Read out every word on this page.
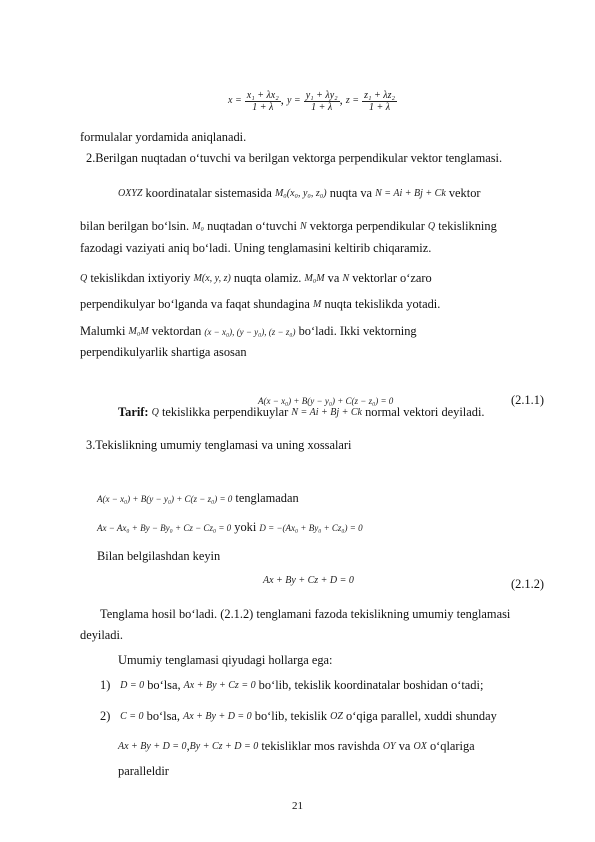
$x = \frac{\text{x₁ + λx₂}}{1 + \lambda}$ , $y = \frac{\text{y₁ + λy₂}}{1 + \lambda}$ , $z = \frac{\text{z₁ + λz₂}}{1 + \lambda}$
formulalar yordamida aniqlanadi.
2.Berilgan nuqtadan o‘tuvchi va berilgan vektorga perpendikular vektor tenglamasi.
OXYZ koordinatalar sistemasida M₀(x₀, y₀, z₀) nuqta va N = Ai + Bj + Ck vektor
bilan berilgan bo‘lsin. M₀ nuqtadan o‘tuvchi N vektorga perpendikular Q tekislikning
fazodagi vaziyati aniq bo‘ladi. Uning tenglamasini keltirib chiqaramiz.
Q tekislikdan ixtiyoriy M(x, y, z) nuqta olamiz. M₀M va N vektorlar o‘zaro
perpendikulyar bo‘lganda va faqat shundagina M nuqta tekislikda yotadi.
Malumki M₀M vektordan (x − x₀), (y − y₀), (z − z₀) bo‘ladi. Ikki vektorning
perpendikulyarlik shartiga asosan
A(x − x₀) + B(y − y₀) + C(z − z₀) = 0	(2.1.1)
Tarif: Q tekislikka perpendikuylar N = Ai + Bj + Ck normal vektori deyiladi.
3.Tekislikning umumiy tenglamasi va uning xossalari
A(x − x₀) + B(y − y₀) + C(z − z₀) = 0 tenglamadan
Ax − Ax₀ + By − By₀ + Cz − Cz₀ = 0 yoki D = −(Ax₀ + By₀ + Cz₀) = 0
Bilan belgilashdan keyin
Ax + By + Cz + D = 0	(2.1.2)
Tenglama hosil bo‘ladi. (2.1.2) tenglamani fazoda tekislikning umumiy tenglamasi
deyiladi.
Umumiy tenglamasi qiyudagi hollarga ega:
1) D = 0 bo‘lsa, Ax + By + Cz = 0 bo‘lib, tekislik koordinatalar boshidan o‘tadi;
2) C = 0 bo‘lsa, Ax + By + D = 0 bo‘lib, tekislik OZ o‘qiga parallel, xuddi shunday
Ax + By + D = 0,By + Cz + D = 0 tekisliklar mos ravishda OY va OX o‘qlariga
paralleldir
21
